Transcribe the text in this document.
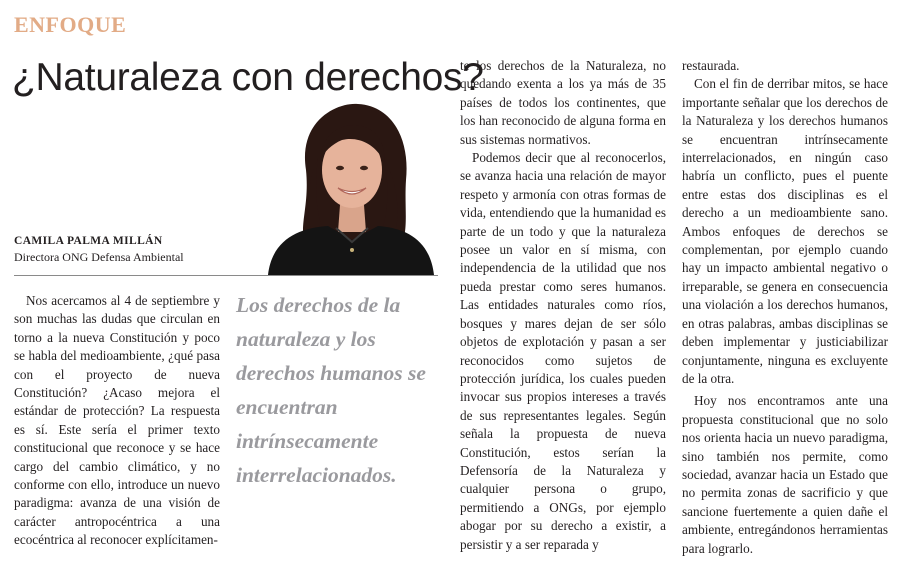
ENFOQUE
¿Naturaleza con derechos?
CAMILA PALMA MILLÁN
Directora ONG Defensa Ambiental

Nos acercamos al 4 de septiembre y son muchas las dudas que circulan en torno a la nueva Constitución y poco se habla del medioambiente, ¿qué pasa con el proyecto de nueva Constitución? ¿Acaso mejora el estándar de protección? La respuesta es sí. Este sería el primer texto constitucional que reconoce y se hace cargo del cambio climático, y no conforme con ello, introduce un nuevo paradigma: avanza de una visión de carácter antropocéntrica a una ecocéntrica al reconocer explícitamen-

Los derechos de la naturaleza y los derechos humanos se encuentran intrínsecamente interrelacionados.

te los derechos de la Naturaleza, no quedando exenta a los ya más de 35 países de todos los continentes, que los han reconocido de alguna forma en sus sistemas normativos.

Podemos decir que al reconocerlos, se avanza hacia una relación de mayor respeto y armonía con otras formas de vida, entendiendo que la humanidad es parte de un todo y que la naturaleza posee un valor en sí misma, con independencia de la utilidad que nos pueda prestar como seres humanos. Las entidades naturales como ríos, bosques y mares dejan de ser sólo objetos de explotación y pasan a ser reconocidos como sujetos de protección jurídica, los cuales pueden invocar sus propios intereses a través de sus representantes legales. Según señala la propuesta de nueva Constitución, estos serían la Defensoría de la Naturaleza y cualquier persona o grupo, permitiendo a ONGs, por ejemplo abogar por su derecho a existir, a persistir y a ser reparada y

restaurada.

Con el fin de derribar mitos, se hace importante señalar que los derechos de la Naturaleza y los derechos humanos se encuentran intrínsecamente interrelacionados, en ningún caso habría un conflicto, pues el puente entre estas dos disciplinas es el derecho a un medioambiente sano. Ambos enfoques de derechos se complementan, por ejemplo cuando hay un impacto ambiental negativo o irreparable, se genera en consecuencia una violación a los derechos humanos, en otras palabras, ambas disciplinas se deben implementar y justiciabilizar conjuntamente, ninguna es excluyente de la otra.

Hoy nos encontramos ante una propuesta constitucional que no solo nos orienta hacia un nuevo paradigma, sino también nos permite, como sociedad, avanzar hacia un Estado que no permita zonas de sacrificio y que sancione fuertemente a quien dañe el ambiente, entregándonos herramientas para lograrlo.
